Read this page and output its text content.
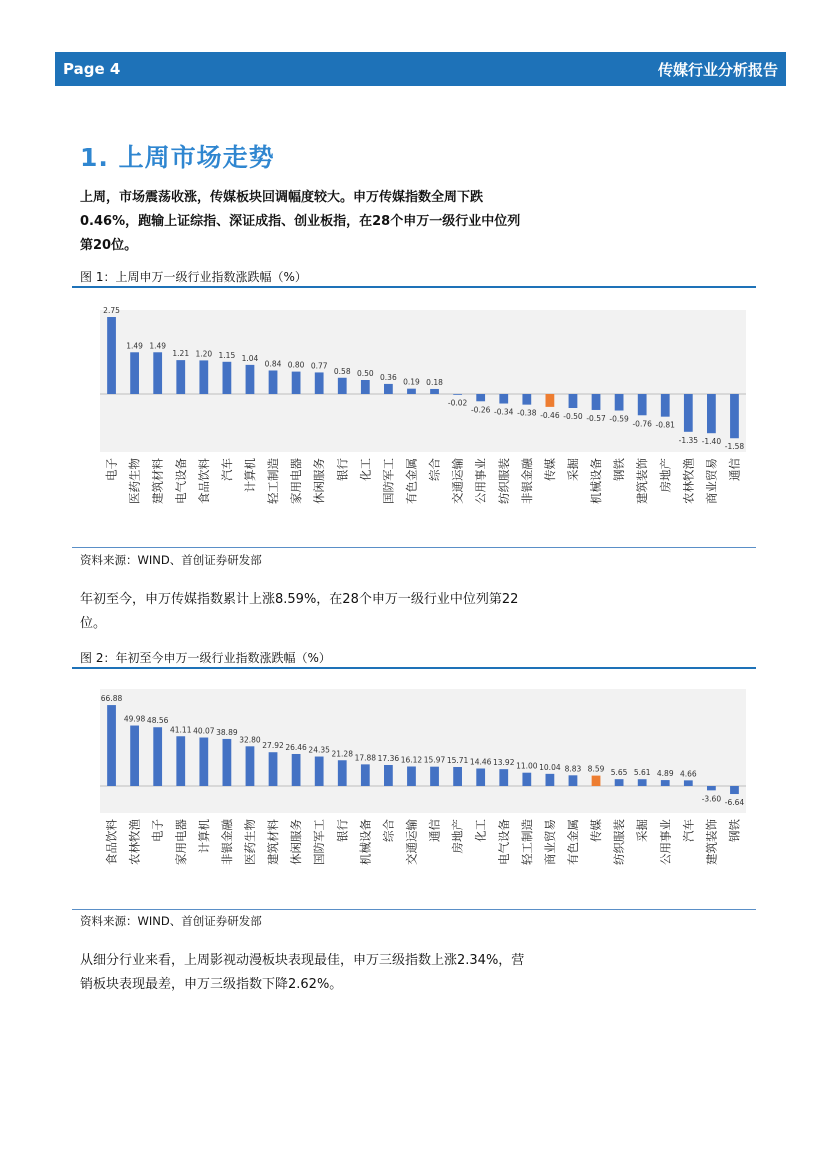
Page 4	传媒行业分析报告
1. 上周市场走势
上周，市场震荡收涨，传媒板块回调幅度较大。申万传媒指数全周下跌0.46%，跑输上证综指、深证成指、创业板指，在28个申万一级行业中位列第20位。
图 1：上周申万一级行业指数涨跌幅（%）
2.75
电子
1.49
医药生物
1.49
建筑材料
1.21
电气设备
1.20
食品饮料
1.15
汽车
1.04
计算机
0.84
轻工制造
0.80
家用电器
0.77
休闲服务
0.58
银行
0.50
化工
0.36
国防军工
0.19
有色金属
0.18
综合
-0.02
交通运输
-0.26
公用事业
-0.34
纺织服装
-0.38
非银金融
-0.46
传媒
-0.50
采掘
-0.57
机械设备
-0.59
钢铁
-0.76
建筑装饰
-0.81
房地产
-1.35
农林牧渔
-1.40
商业贸易
-1.58
通信
资料来源：WIND、首创证券研发部
年初至今，申万传媒指数累计上涨8.59%，在28个申万一级行业中位列第22位。
图 2：年初至今申万一级行业指数涨跌幅（%）
66.88
食品饮料
49.98
农林牧渔
48.56
电子
41.11
家用电器
40.07
计算机
38.89
非银金融
32.80
医药生物
27.92
建筑材料
26.46
休闲服务
24.35
国防军工
21.28
银行
17.88
机械设备
17.36
综合
16.12
交通运输
15.97
通信
15.71
房地产
14.46
化工
13.92
电气设备
11.00
轻工制造
10.04
商业贸易
8.83
有色金属
8.59
传媒
5.65
纺织服装
5.61
采掘
4.89
公用事业
4.66
汽车
-3.60
建筑装饰
-6.64
钢铁
资料来源：WIND、首创证券研发部
从细分行业来看，上周影视动漫板块表现最佳，申万三级指数上涨2.34%，营销板块表现最差，申万三级指数下降2.62%。
